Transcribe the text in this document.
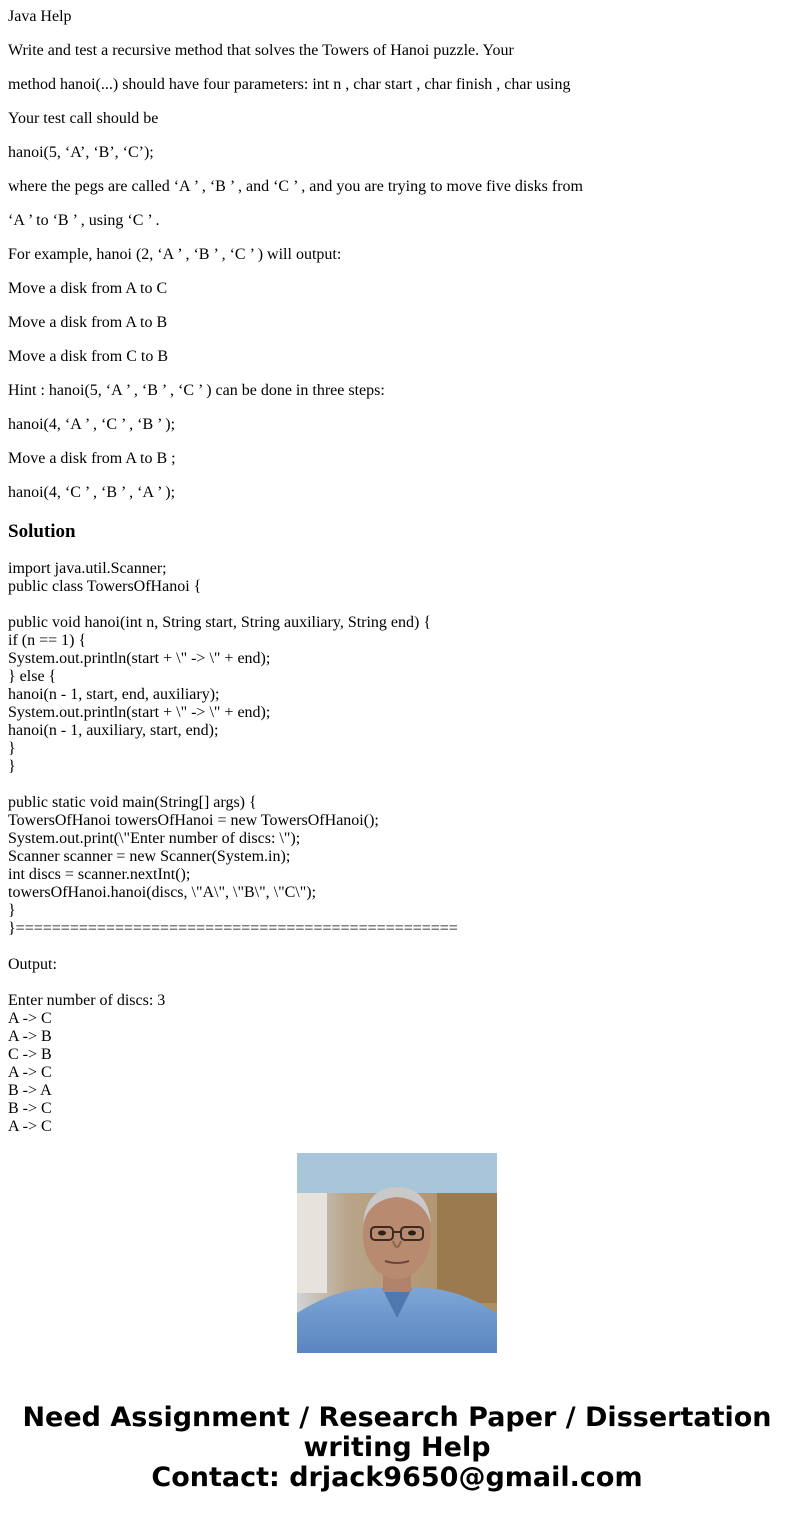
Java Help

Write and test a recursive method that solves the Towers of Hanoi puzzle. Your

method hanoi(...) should have four parameters: int n , char start , char finish , char using

Your test call should be

hanoi(5, ‘A’, ‘B’, ‘C’);

where the pegs are called ‘A ’ , ‘B ’ , and ‘C ’ , and you are trying to move five disks from

‘A ’ to ‘B ’ , using ‘C ’ .

For example, hanoi (2, ‘A ’ , ‘B ’ , ‘C ’ ) will output:

Move a disk from A to C

Move a disk from A to B

Move a disk from C to B

Hint : hanoi(5, ‘A ’ , ‘B ’ , ‘C ’ ) can be done in three steps:

hanoi(4, ‘A ’ , ‘C ’ , ‘B ’ );

Move a disk from A to B ;

hanoi(4, ‘C ’ , ‘B ’ , ‘A ’ );

Solution
import java.util.Scanner;
public class TowersOfHanoi {
public void hanoi(int n, String start, String auxiliary, String end) {
if (n == 1) {
System.out.println(start + \" -> \" + end);
} else {
hanoi(n - 1, start, end, auxiliary);
System.out.println(start + \" -> \" + end);
hanoi(n - 1, auxiliary, start, end);
}
}
public static void main(String[] args) {
TowersOfHanoi towersOfHanoi = new TowersOfHanoi();
System.out.print(\"Enter number of discs: \");
Scanner scanner = new Scanner(System.in);
int discs = scanner.nextInt();
towersOfHanoi.hanoi(discs, \"A\", \"B\", \"C\");
}
}=================================================
Output:
Enter number of discs: 3
A -> C
A -> B
C -> B
A -> C
B -> A
B -> C
A -> C
Need Assignment / Research Paper / Dissertation
writing Help
Contact: drjack9650@gmail.com
